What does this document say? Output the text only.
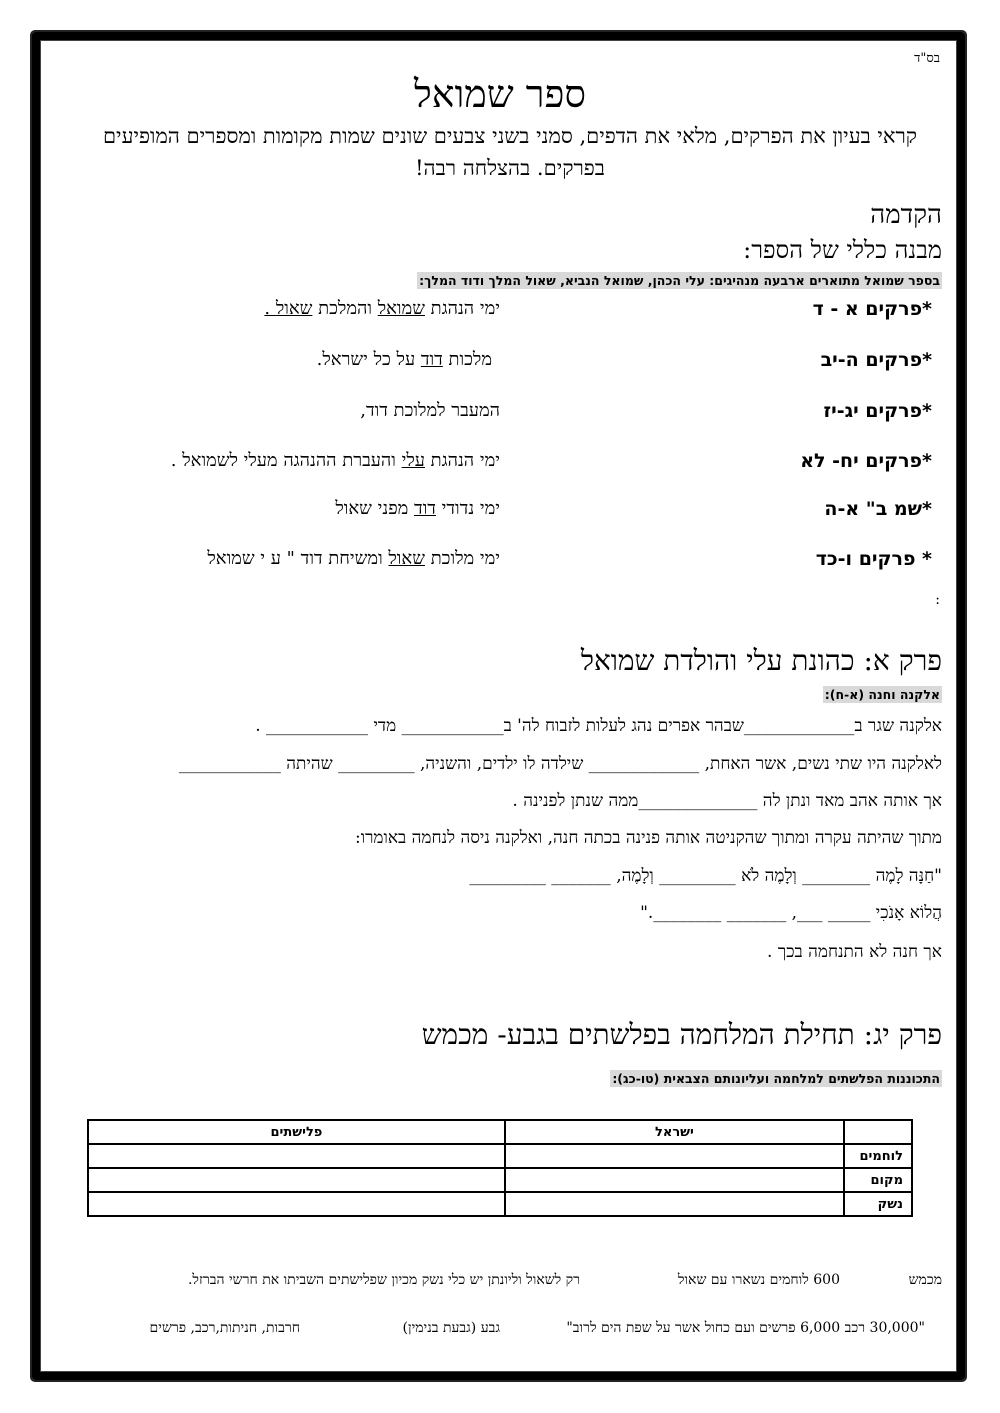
בס"ד
ספר שמואל
קראי בעיון את הפרקים, מלאי את הדפים, סמני בשני צבעים שונים שמות מקומות ומספרים המופיעים בפרקים. בהצלחה רבה!
הקדמה
מבנה כללי של הספר:
בספר שמואל מתוארים ארבעה מנהיגים: עלי הכהן, שמואל הנביא, שאול המלך ודוד המלך:
*פרקים א - ד
ימי הנהגת שמואל והמלכת שאול .
*פרקים ה-יב
מלכות דוד על כל ישראל.
*פרקים יג-יז
המעבר למלוכת דוד,
*פרקים יח- לא
ימי הנהגת עלי והעברת ההנהגה מעלי לשמואל .
*שמ ב" א-ה
ימי נדודי דוד מפני שאול
* פרקים ו-כד
ימי מלוכת שאול ומשיחת דוד " ע י שמואל
:
פרק א: כהונת עלי והולדת שמואל
אלקנה וחנה (א-ח):
אלקנה שגר ב_____________שבהר אפרים נהג לעלות לזבוח לה' ב____________ מדי ____________ .
לאלקנה היו שתי נשים, אשר האחת, _____________ שילדה לו ילדים, והשניה, _________ שהיתה ____________
אך אותה אהב מאד ונתן לה ______________ממה שנתן לפנינה .
מתוך שהיתה עקרה ומתוך שהקניטה אותה פנינה בכתה חנה, ואלקנה ניסה לנחמה באומרו:
"חַנָּה לָמֶה ________ וְלָמֶה לֹא _________ וְלָמֶה, _______ _________
הֲלוֹא אָנֹכִי _____ ___, _______ ________."
אך חנה לא התנחמה בכך .
פרק יג: תחילת המלחמה בפלשתים בגבע- מכמש
התכוננות הפלשתים למלחמה ועליונותם הצבאית (טו-כג):
	ישראל	פלישתים
לוחמים		
מקום		
נשק		
מכמש
600 לוחמים נשארו עם שאול
רק לשאול וליונתן יש כלי נשק מכיון שפלישתים השביתו את חרשי הברזל.
"30,000 רכב 6,000 פרשים ועם כחול אשר על שפת הים לרוב"
גבע (גבעת בנימין)
חרבות, חניתות,רכב, פרשים
